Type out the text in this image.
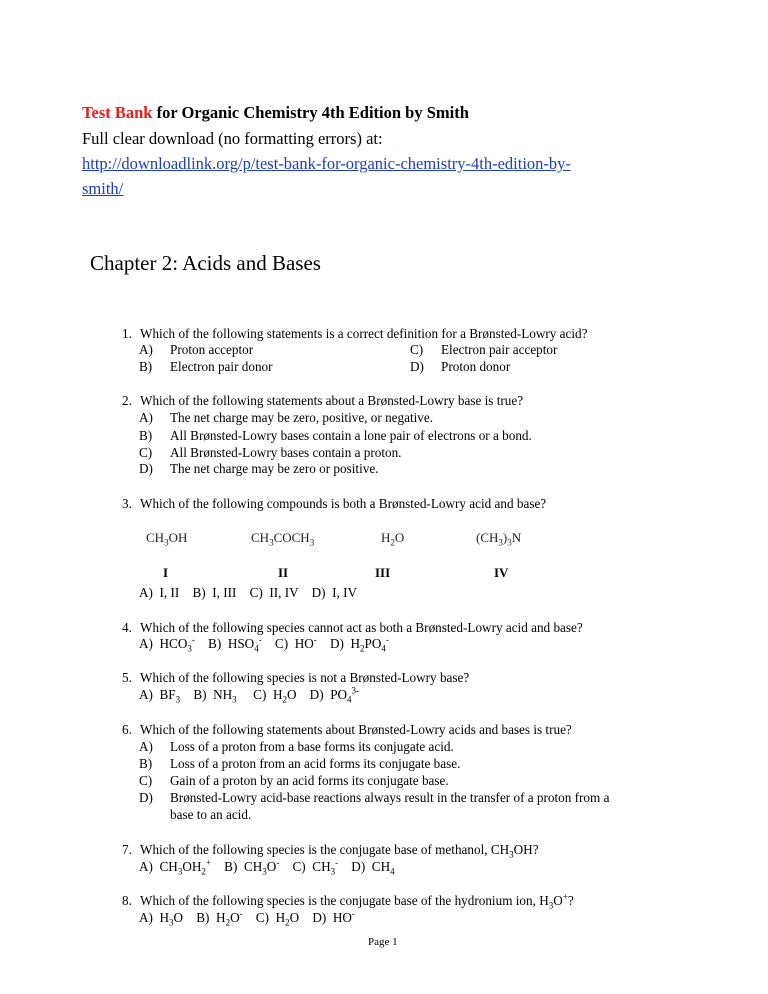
Test Bank for Organic Chemistry 4th Edition by Smith
Full clear download (no formatting errors) at:
http://downloadlink.org/p/test-bank-for-organic-chemistry-4th-edition-by-
smith/
Chapter 2: Acids and Bases
1. Which of the following statements is a correct definition for a Brønsted-Lowry acid?
A) Proton acceptor
B) Electron pair donor
C) Electron pair acceptor
D) Proton donor
2. Which of the following statements about a Brønsted-Lowry base is true?
A) The net charge may be zero, positive, or negative.
B) All Brønsted-Lowry bases contain a lone pair of electrons or a bond.
C) All Brønsted-Lowry bases contain a proton.
D) The net charge may be zero or positive.
3. Which of the following compounds is both a Brønsted-Lowry acid and base?
$CH_3OH$	$CH_3COCH_3$	$H_2O$	$(CH_3)_3N$
I	II	III	IV
A)  I, II    B)  I, III    C)  II, IV    D)  I, IV
4. Which of the following species cannot act as both a Brønsted-Lowry acid and base?
A)  $HCO_3^-$    B)  $HSO_4^-$    C)  HO-    D)  $H_2PO_4^-$
5. Which of the following species is not a Brønsted-Lowry base?
A)  $BF_3$    B)  $NH_3$     C)  $H_2O$    D)  $PO_4^{3-}$
6. Which of the following statements about Brønsted-Lowry acids and bases is true?
A) Loss of a proton from a base forms its conjugate acid.
B) Loss of a proton from an acid forms its conjugate base.
C) Gain of a proton by an acid forms its conjugate base.
D) Brønsted-Lowry acid-base reactions always result in the transfer of a proton from a
base to an acid.
7. Which of the following species is the conjugate base of methanol, $CH_3OH$?
A)  $CH_3OH_2^+$    B)  $CH_3O^-$    C)  $CH_3^-$    D)  $CH_4$
8. Which of the following species is the conjugate base of the hydronium ion, $H_3O^+$?
A)  $H_3O$    B)  $H_2O^-$    C)  $H_2O$    D)  HO-
Page 1
